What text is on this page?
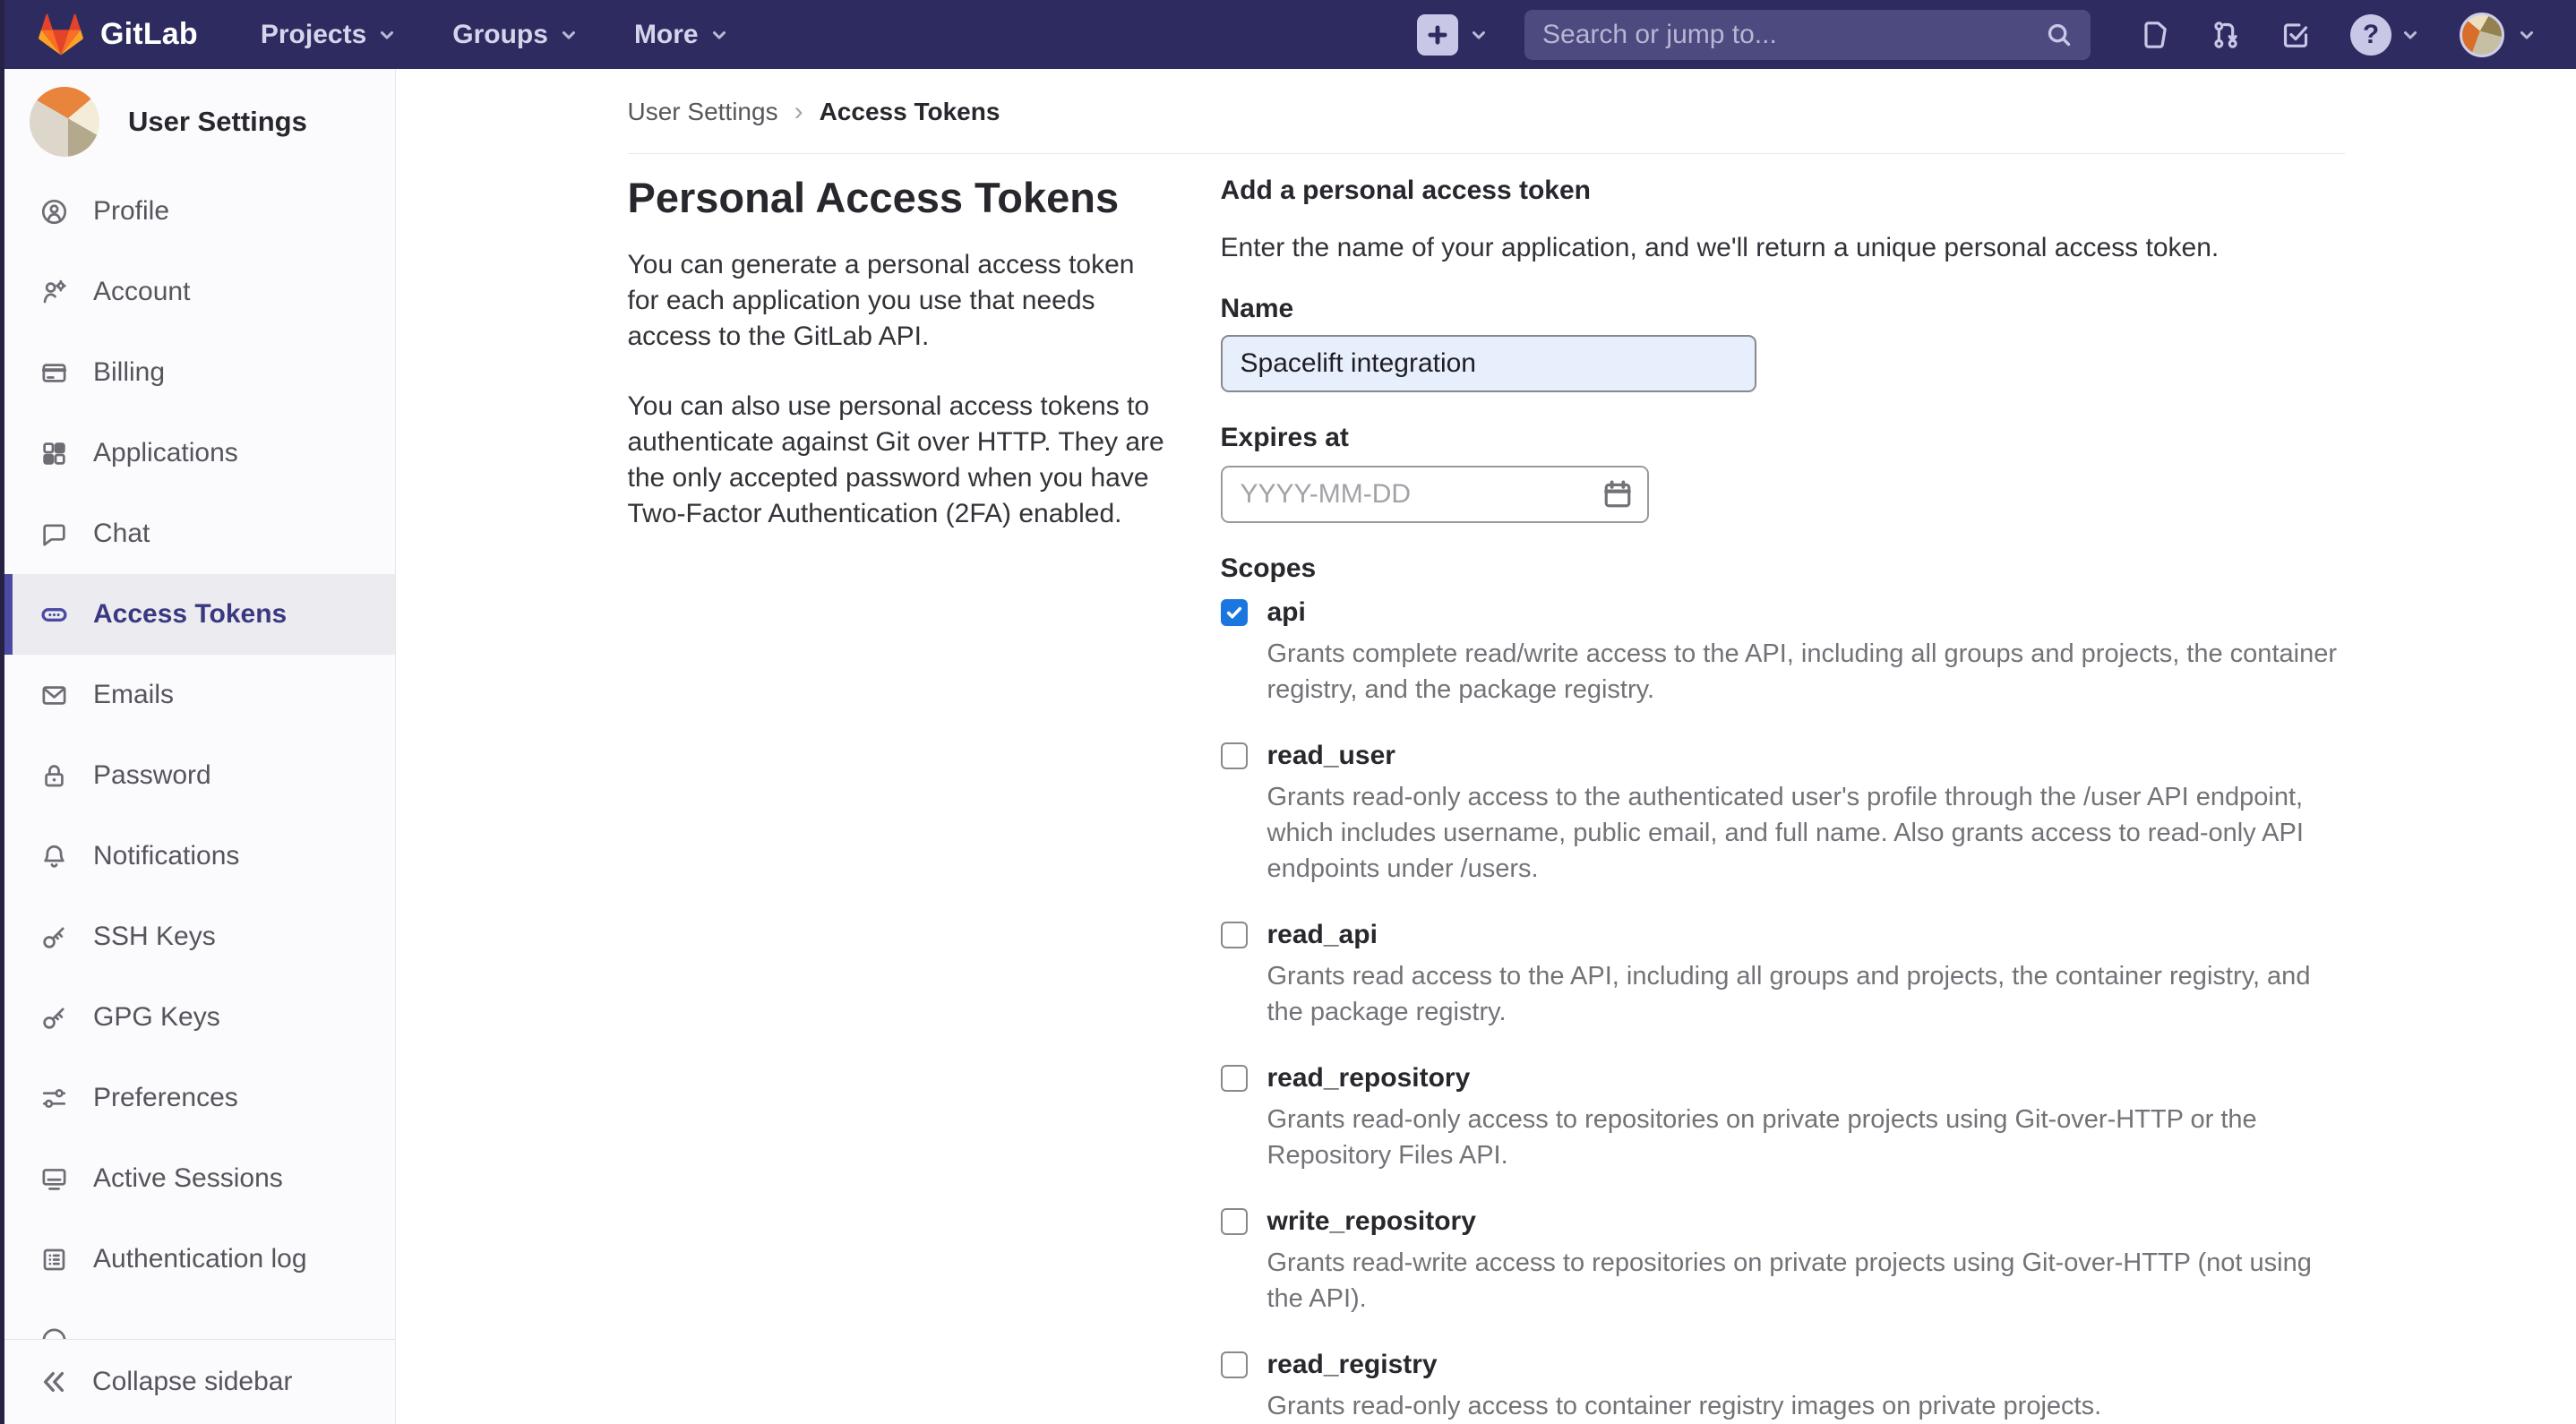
GitLab Projects	Groups	More	Search or jump to...	?
User Settings
Profile
Account
Billing
Applications
Chat
Access Tokens
Emails
Password
Notifications
SSH Keys
GPG Keys
Preferences
Active Sessions
Authentication log
Collapse sidebar
User Settings › Access Tokens
Personal Access Tokens

You can generate a personal access token for each application you use that needs access to the GitLab API.

You can also use personal access tokens to authenticate against Git over HTTP. They are the only accepted password when you have Two-Factor Authentication (2FA) enabled.

Add a personal access token
Enter the name of your application, and we'll return a unique personal access token.
Name
Spacelift integration
Expires at
YYYY-MM-DD
Scopes
api
Grants complete read/write access to the API, including all groups and projects, the container registry, and the package registry.
read_user
Grants read-only access to the authenticated user's profile through the /user API endpoint, which includes username, public email, and full name. Also grants access to read-only API endpoints under /users.
read_api
Grants read access to the API, including all groups and projects, the container registry, and the package registry.
read_repository
Grants read-only access to repositories on private projects using Git-over-HTTP or the Repository Files API.
write_repository
Grants read-write access to repositories on private projects using Git-over-HTTP (not using the API).
read_registry
Grants read-only access to container registry images on private projects.
